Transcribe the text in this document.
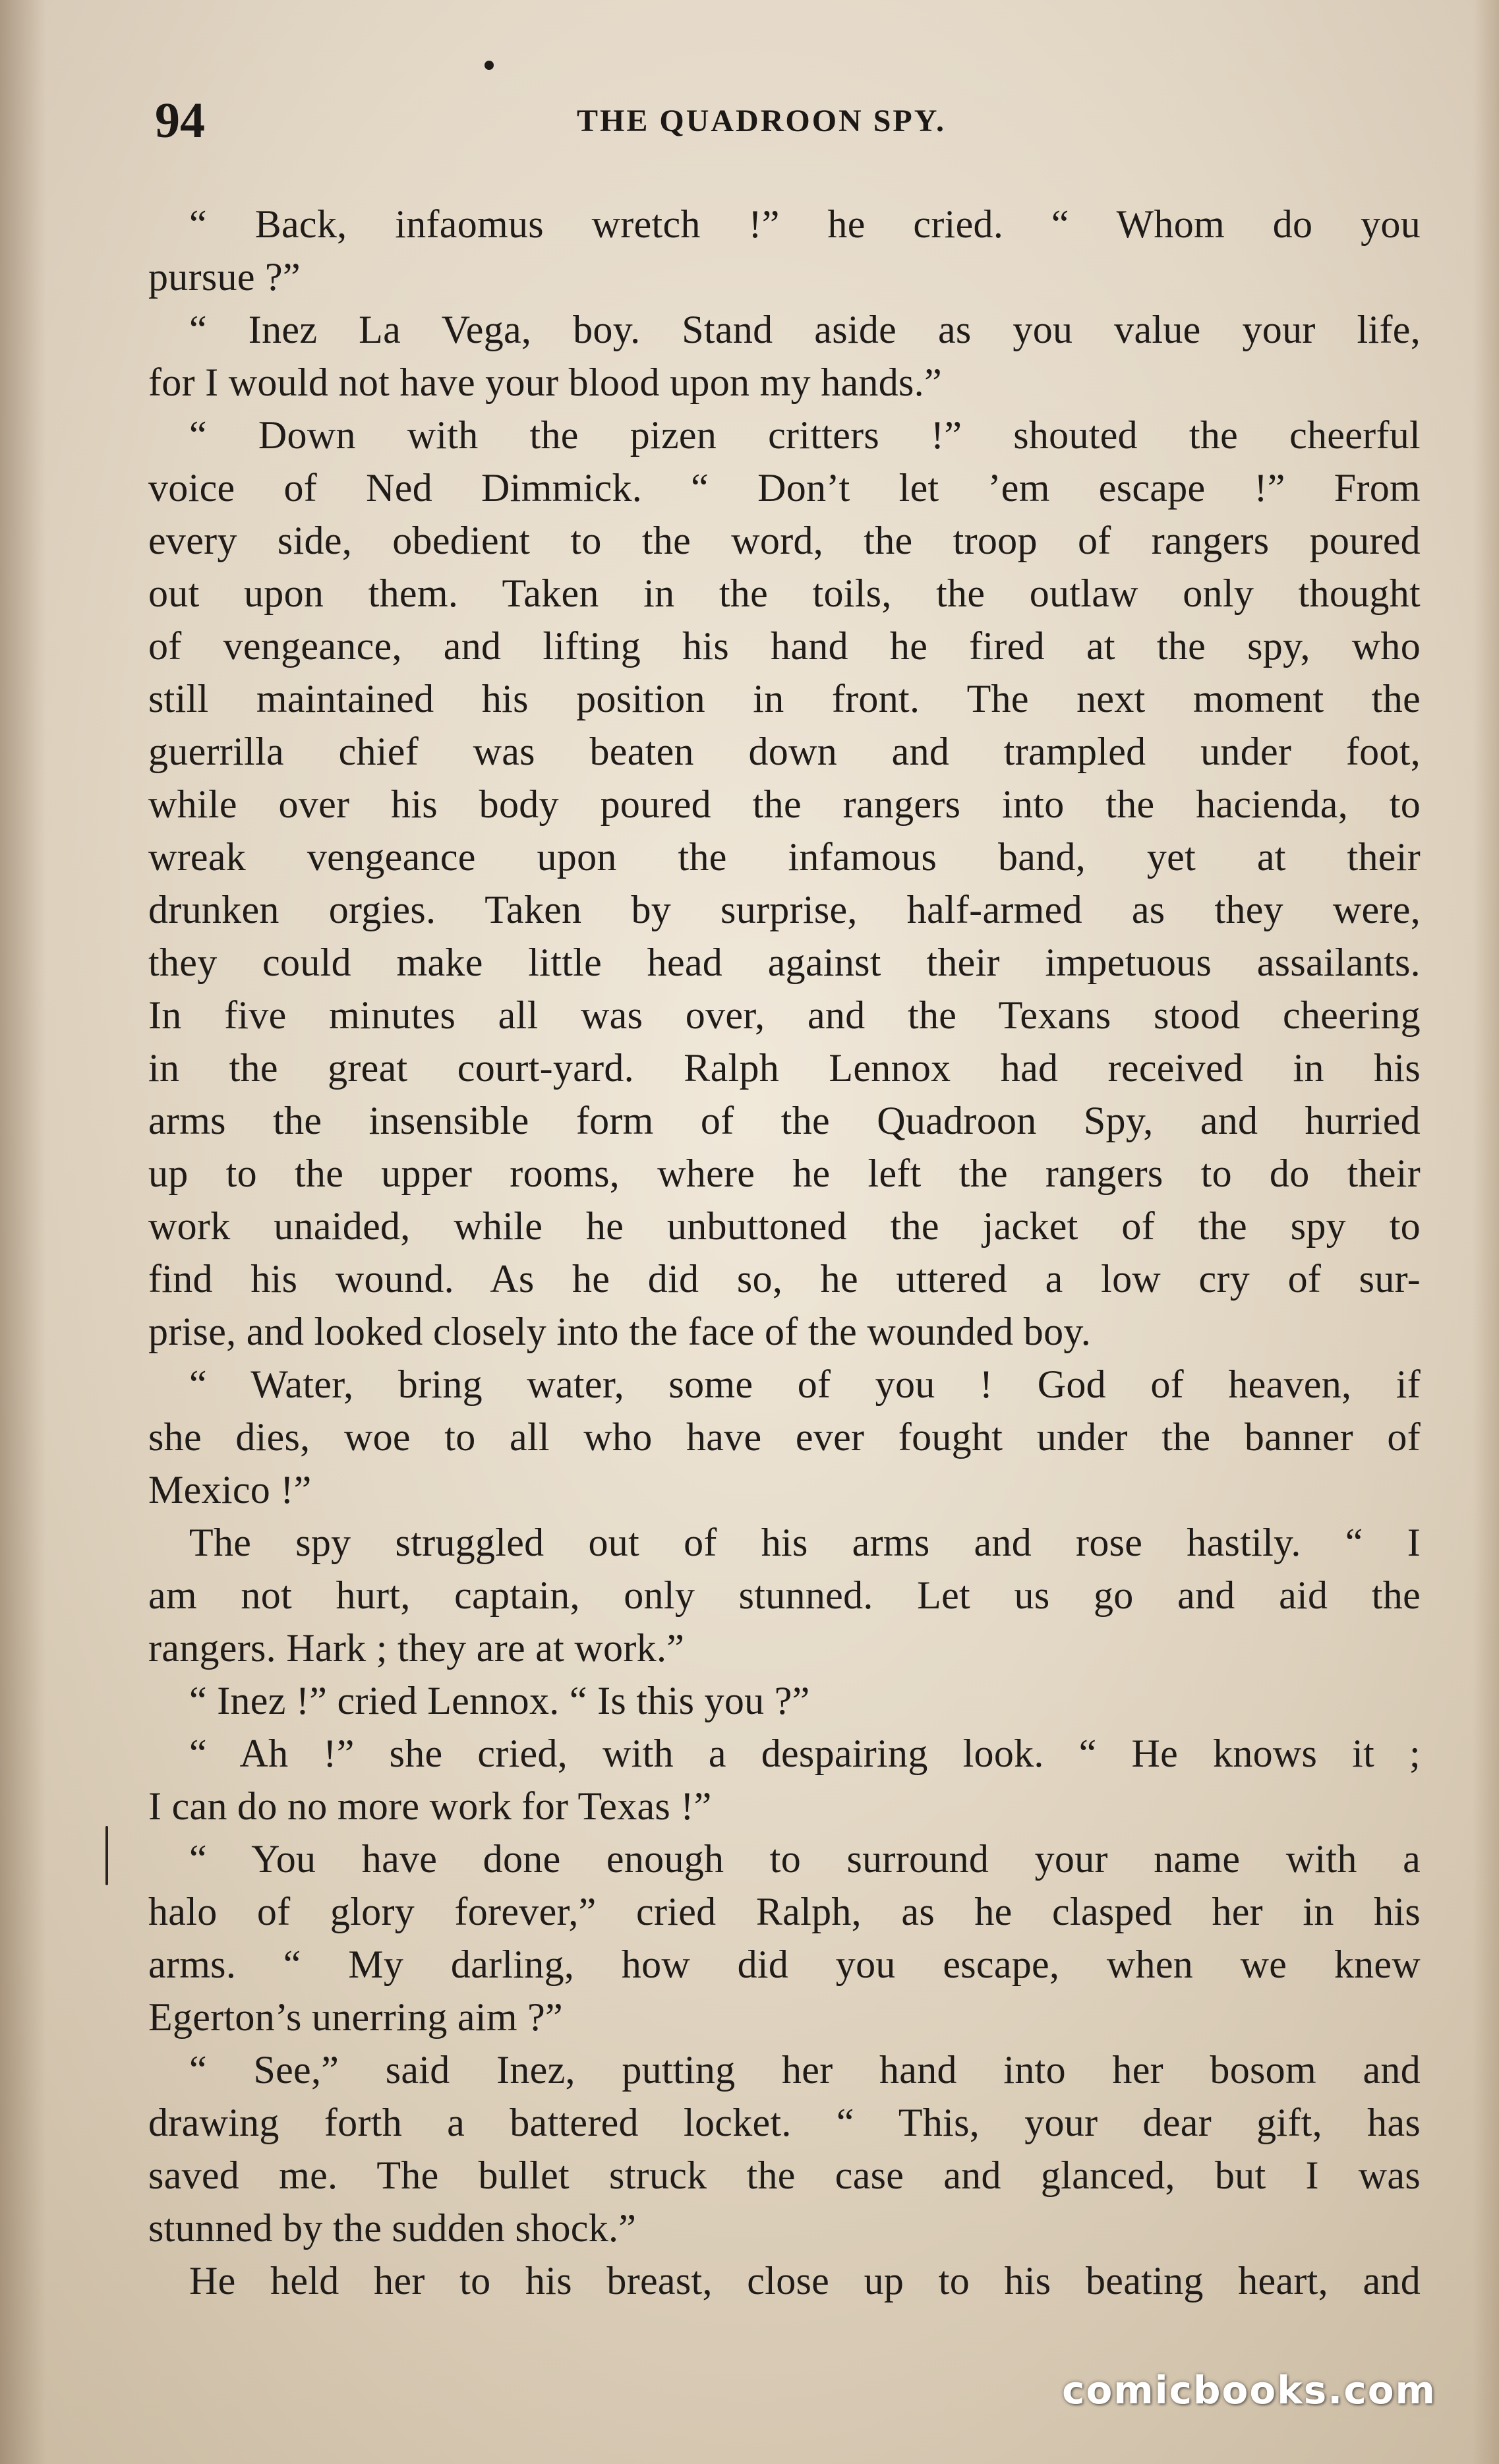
94	THE QUADROON SPY.
“ Back, infaomus wretch !” he cried. “ Whom do you
pursue ?”
“ Inez La Vega, boy. Stand aside as you value your life,
for I would not have your blood upon my hands.”
“ Down with the pizen critters !” shouted the cheerful
voice of Ned Dimmick. “ Don’t let ’em escape !” From
every side, obedient to the word, the troop of rangers poured
out upon them. Taken in the toils, the outlaw only thought
of vengeance, and lifting his hand he fired at the spy, who
still maintained his position in front. The next moment the
guerrilla chief was beaten down and trampled under foot,
while over his body poured the rangers into the hacienda, to
wreak vengeance upon the infamous band, yet at their
drunken orgies. Taken by surprise, half-armed as they were,
they could make little head against their impetuous assailants.
In five minutes all was over, and the Texans stood cheering
in the great court-yard. Ralph Lennox had received in his
arms the insensible form of the Quadroon Spy, and hurried
up to the upper rooms, where he left the rangers to do their
work unaided, while he unbuttoned the jacket of the spy to
find his wound. As he did so, he uttered a low cry of sur-
prise, and looked closely into the face of the wounded boy.
“ Water, bring water, some of you ! God of heaven, if
she dies, woe to all who have ever fought under the banner of
Mexico !”
The spy struggled out of his arms and rose hastily. “ I
am not hurt, captain, only stunned. Let us go and aid the
rangers. Hark ; they are at work.”
“ Inez !” cried Lennox. “ Is this you ?”
“ Ah !” she cried, with a despairing look. “ He knows it ;
I can do no more work for Texas !”
“ You have done enough to surround your name with a
halo of glory forever,” cried Ralph, as he clasped her in his
arms. “ My darling, how did you escape, when we knew
Egerton’s unerring aim ?”
“ See,” said Inez, putting her hand into her bosom and
drawing forth a battered locket. “ This, your dear gift, has
saved me. The bullet struck the case and glanced, but I was
stunned by the sudden shock.”
He held her to his breast, close up to his beating heart, and
comicbooks.com
